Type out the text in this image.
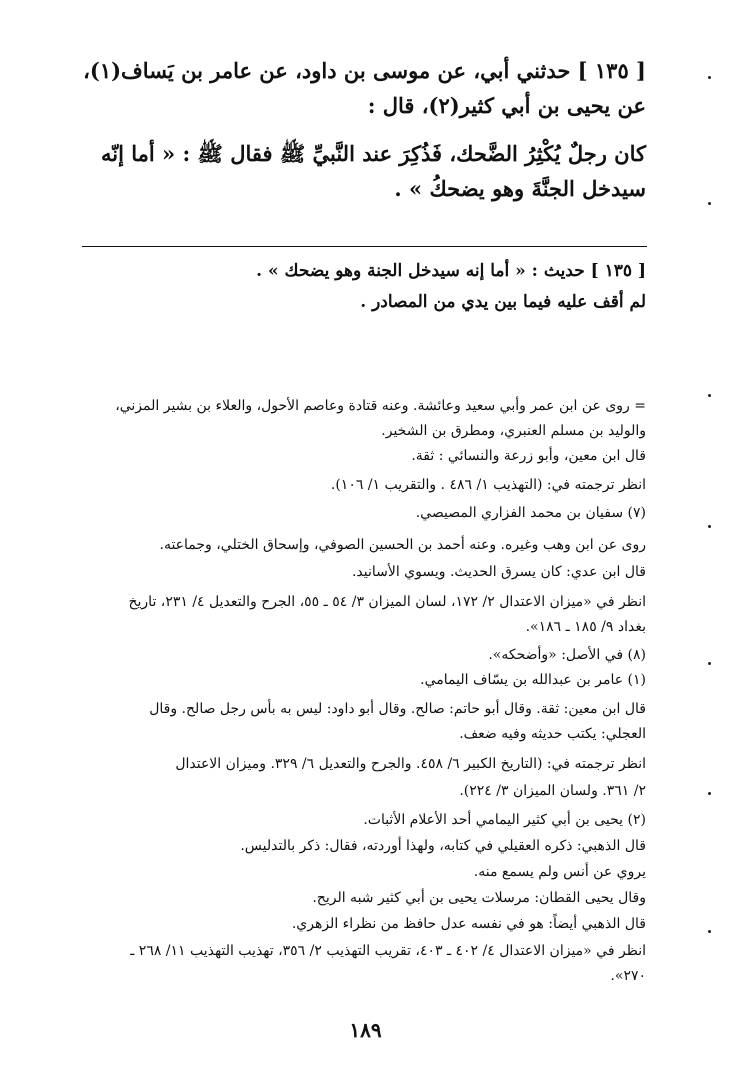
[ ١٣٥ ] حدثني أبي، عن موسى بن داود، عن عامر بن يَساف(١)،
عن يحيى بن أبي كثير(٢)، قال :
كان رجلٌ يُكْثِرُ الضَّحك، فَذُكِرَ عند النَّبيِّ ﷺ فقال ﷺ : « أما إنّه
سيدخل الجنَّةَ وهو يضحكُ » .
[ ١٣٥ ] حديث : « أما إنه سيدخل الجنة وهو يضحك » .
لم أقف عليه فيما بين يدي من المصادر .
= روى عن ابن عمر وأبي سعيد وعائشة. وعنه قتادة وعاصم الأحول، والعلاء بن بشير المزني،
والوليد بن مسلم العنبري، ومطرق بن الشخير.
قال ابن معين، وأبو زرعة والنسائي : ثقة.
انظر ترجمته في: (التهذيب ١/ ٤٨٦ . والتقريب ١/ ١٠٦).
(٧) سفيان بن محمد الفزاري المصيصي.
روى عن ابن وهب وغيره. وعنه أحمد بن الحسين الصوفي، وإسحاق الختلي، وجماعته.
قال ابن عدي: كان يسرق الحديث. ويسوي الأسانيد.
انظر في «ميزان الاعتدال ٢/ ١٧٢، لسان الميزان ٣/ ٥٤ ـ ٥٥، الجرح والتعديل ٤/ ٢٣١، تاريخ
بغداد ٩/ ١٨٥ ـ ١٨٦».
(٨) في الأصل: «وأضحكه».
(١) عامر بن عبدالله بن يسّاف اليمامي.
قال ابن معين: ثقة. وقال أبو حاتم: صالح. وقال أبو داود: ليس به بأس رجل صالح. وقال
العجلي: يكتب حديثه وفيه ضعف.
انظر ترجمته في: (التاريخ الكبير ٦/ ٤٥٨. والجرح والتعديل ٦/ ٣٢٩. وميزان الاعتدال
٢/ ٣٦١. ولسان الميزان ٣/ ٢٢٤).
(٢) يحيى بن أبي كثير اليمامي أحد الأعلام الأثبات.
قال الذهبي: ذكره العقيلي في كتابه، ولهذا أوردته، فقال: ذكر بالتدليس.
يروي عن أنس ولم يسمع منه.
وقال يحيى القطان: مرسلات يحيى بن أبي كثير شبه الريح.
قال الذهبي أيضاً: هو في نفسه عدل حافظ من نظراء الزهري.
انظر في «ميزان الاعتدال ٤/ ٤٠٢ ـ ٤٠٣، تقريب التهذيب ٢/ ٣٥٦، تهذيب التهذيب ١١/ ٢٦٨ ـ
٢٧٠».
١٨٩
